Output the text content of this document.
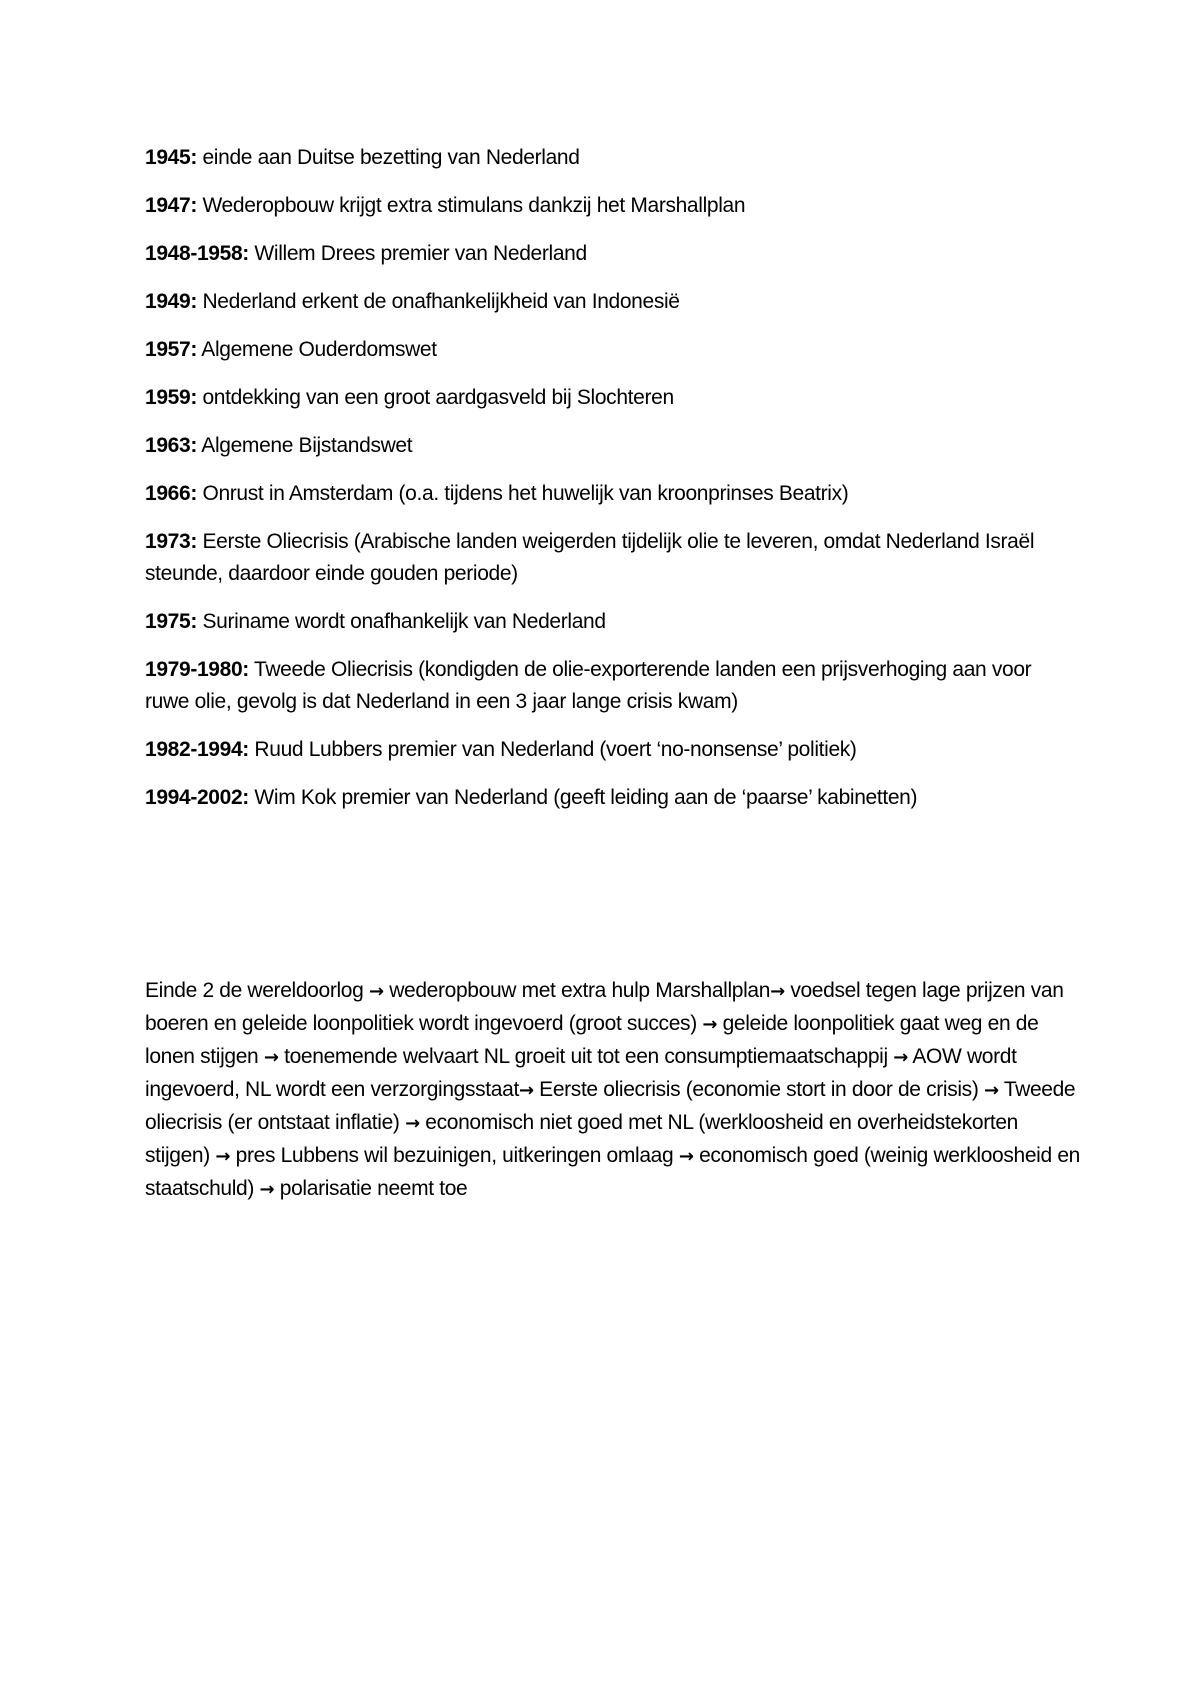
1945: einde aan Duitse bezetting van Nederland
1947: Wederopbouw krijgt extra stimulans dankzij het Marshallplan
1948-1958: Willem Drees premier van Nederland
1949: Nederland erkent de onafhankelijkheid van Indonesië
1957: Algemene Ouderdomswet
1959: ontdekking van een groot aardgasveld bij Slochteren
1963: Algemene Bijstandswet
1966: Onrust in Amsterdam (o.a. tijdens het huwelijk van kroonprinses Beatrix)
1973: Eerste Oliecrisis (Arabische landen weigerden tijdelijk olie te leveren, omdat Nederland Israël steunde, daardoor einde gouden periode)
1975: Suriname wordt onafhankelijk van Nederland
1979-1980: Tweede Oliecrisis (kondigden de olie-exporterende landen een prijsverhoging aan voor ruwe olie, gevolg is dat Nederland in een 3 jaar lange crisis kwam)
1982-1994: Ruud Lubbers premier van Nederland (voert ‘no-nonsense’ politiek)
1994-2002: Wim Kok premier van Nederland (geeft leiding aan de ‘paarse’ kabinetten)

Einde 2 de wereldoorlog → wederopbouw met extra hulp Marshallplan→ voedsel tegen lage prijzen van boeren en geleide loonpolitiek wordt ingevoerd (groot succes) → geleide loonpolitiek gaat weg en de lonen stijgen → toenemende welvaart NL groeit uit tot een consumptiemaatschappij → AOW wordt ingevoerd, NL wordt een verzorgingsstaat→ Eerste oliecrisis (economie stort in door de crisis) → Tweede oliecrisis (er ontstaat inflatie) → economisch niet goed met NL (werkloosheid en overheidstekorten stijgen) → pres Lubbens wil bezuinigen, uitkeringen omlaag → economisch goed (weinig werkloosheid en staatschuld) → polarisatie neemt toe
